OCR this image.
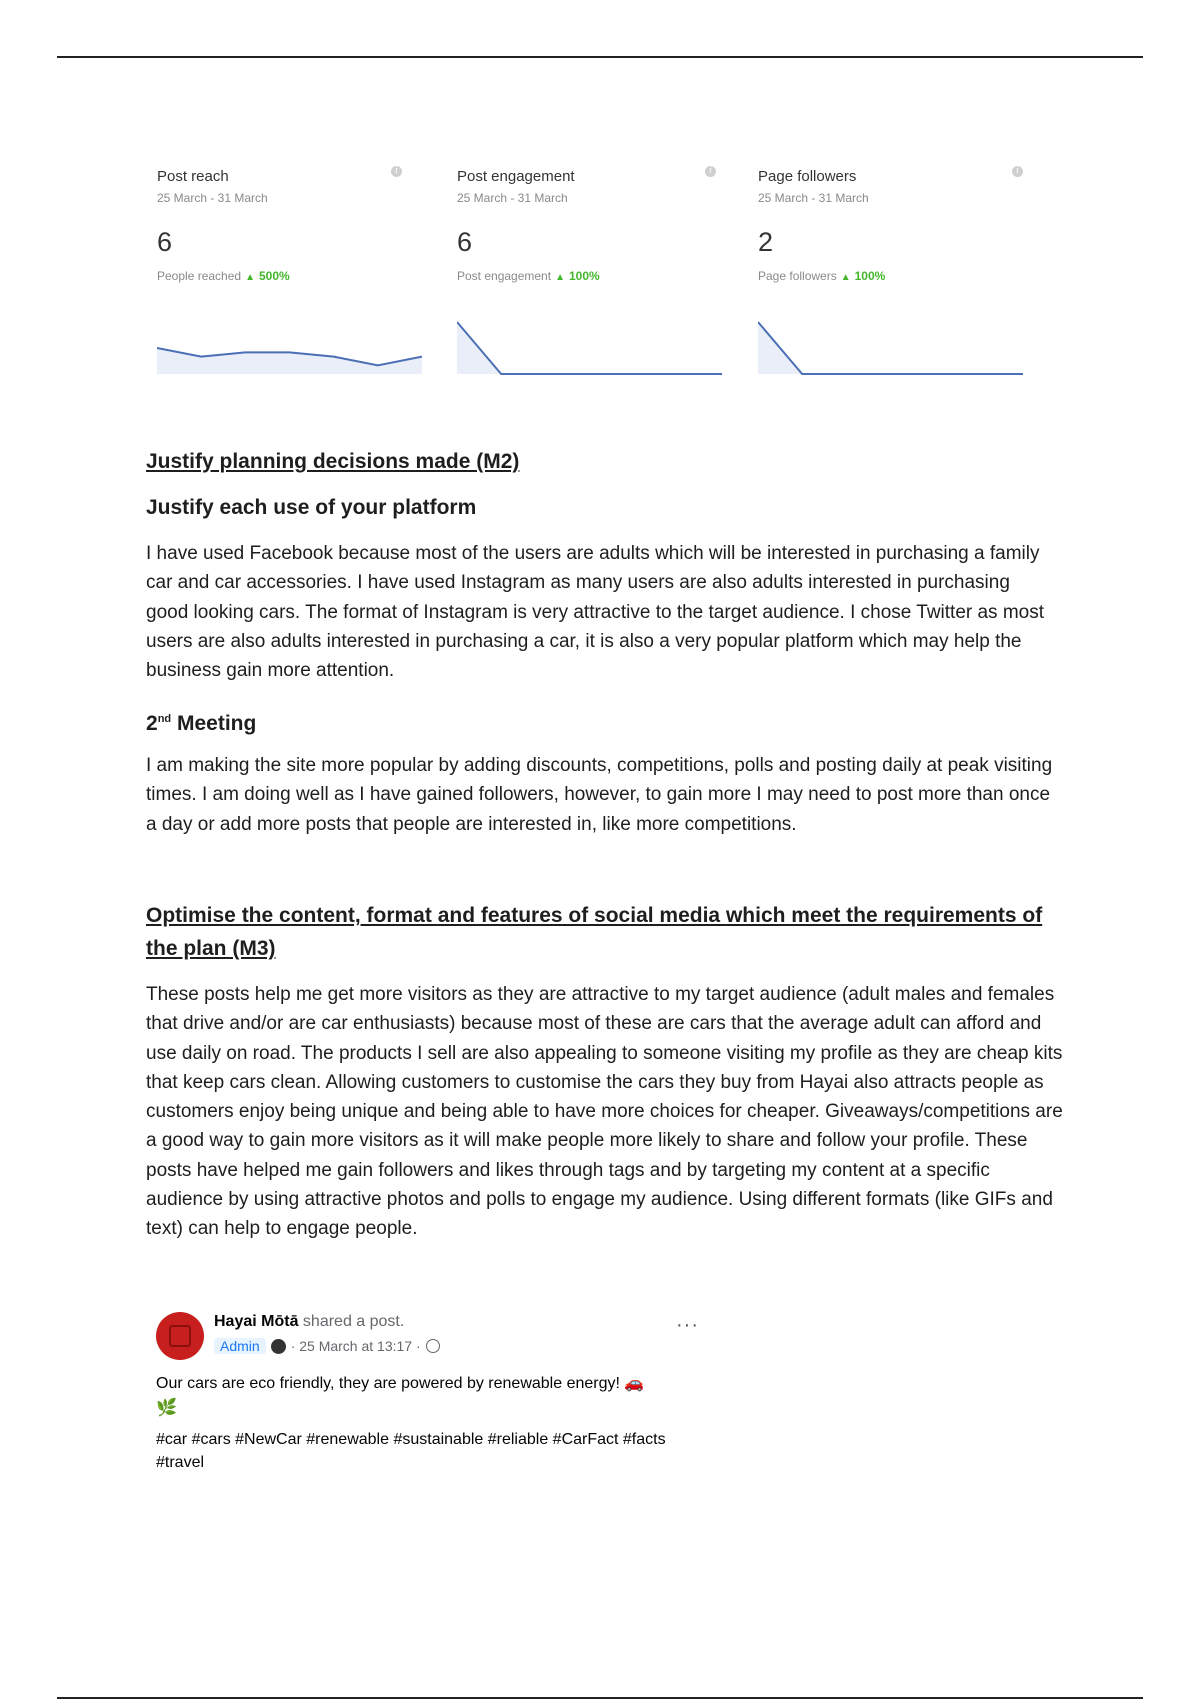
Post reach
25 March - 31 March
i
6
People reached ▲ 500%
Post engagement
25 March - 31 March
i
6
Post engagement ▲ 100%
Page followers
25 March - 31 March
i
2
Page followers ▲ 100%
Justify planning decisions made (M2)
Justify each use of your platform
I have used Facebook because most of the users are adults which will be interested in purchasing a family car and car accessories. I have used Instagram as many users are also adults interested in purchasing good looking cars. The format of Instagram is very attractive to the target audience. I chose Twitter as most users are also adults interested in purchasing a car, it is also a very popular platform which may help the business gain more attention.
2nd Meeting
I am making the site more popular by adding discounts, competitions, polls and posting daily at peak visiting times. I am doing well as I have gained followers, however, to gain more I may need to post more than once a day or add more posts that people are interested in, like more competitions.
Optimise the content, format and features of social media which meet the requirements of the plan (M3)
These posts help me get more visitors as they are attractive to my target audience (adult males and females that drive and/or are car enthusiasts) because most of these are cars that the average adult can afford and use daily on road. The products I sell are also appealing to someone visiting my profile as they are cheap kits that keep cars clean. Allowing customers to customise the cars they buy from Hayai also attracts people as customers enjoy being unique and being able to have more choices for cheaper. Giveaways/competitions are a good way to gain more visitors as it will make people more likely to share and follow your profile. These posts have helped me gain followers and likes through tags and by targeting my content at a specific audience by using attractive photos and polls to engage my audience. Using different formats (like GIFs and text) can help to engage people.
Hayai Mōtā shared a post.
Admin	· 25 March at 13:17 ·
···
Our cars are eco friendly, they are powered by renewable energy! 🚗
🌿
#car #cars #NewCar #renewable #sustainable #reliable #CarFact #facts #travel
